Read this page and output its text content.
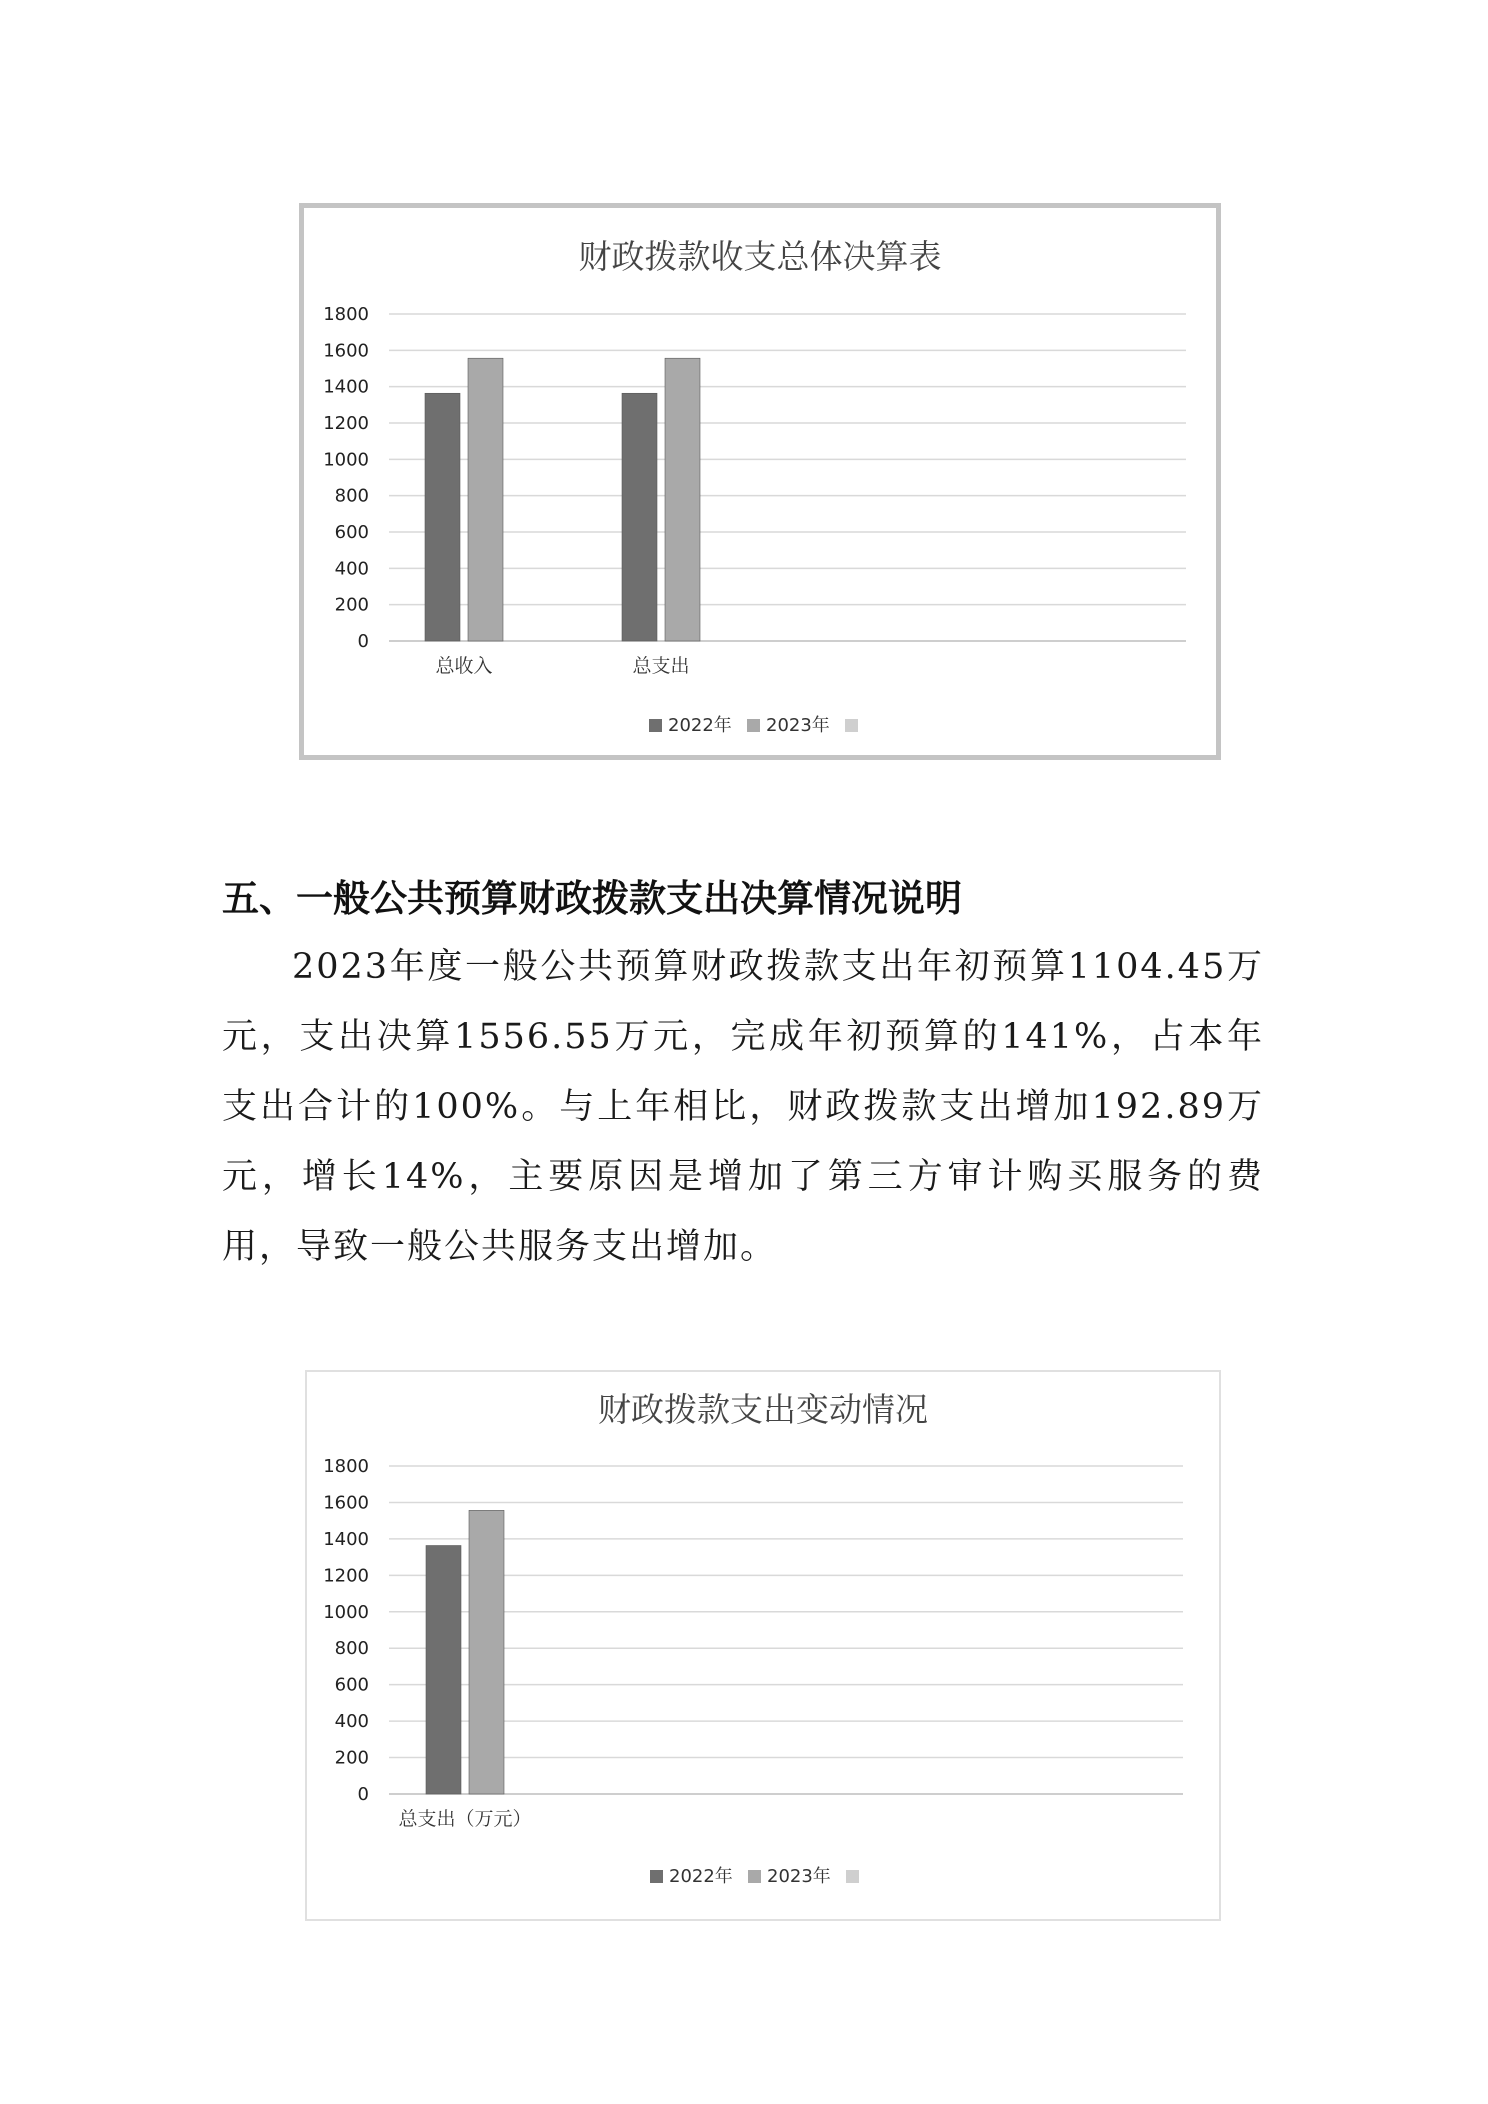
财政拨款收支总体决算表
0
200
400
600
800
1000
1200
1400
1600
1800
总收入	总支出
2022年 2023年
五、一般公共预算财政拨款支出决算情况说明

2023年度一般公共预算财政拨款支出年初预算1104.45万元，支出决算1556.55万元，完成年初预算的141%，占本年支出合计的100%。与上年相比，财政拨款支出增加192.89万元，增长14%，主要原因是增加了第三方审计购买服务的费用，导致一般公共服务支出增加。

财政拨款支出变动情况
0
200
400
600
800
1000
1200
1400
1600
1800
总支出（万元）
2022年 2023年
